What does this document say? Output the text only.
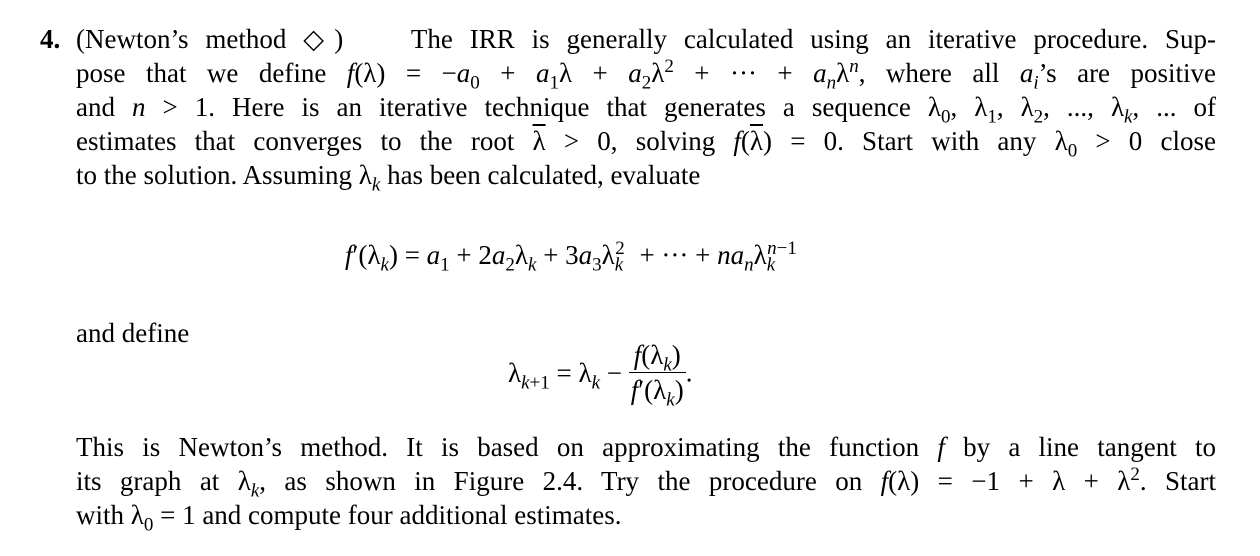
4. (Newton’s method ◇)	The IRR is generally calculated using an iterative procedure. Sup-
pose that we define $f(\lambda) = -a_0 + a_1\lambda + a_2\lambda^2$ + ··· + $a_n\lambda^n$, where all $a_i’s$ are positive
and n > 1. Here is an iterative technique that generates a sequence $\lambda_0$, $\lambda_1$, $\lambda_2$, ..., $\lambda_k$, ... of
estimates that converges to the root $\overline{\lambda} > 0$, solving $f(\overline{\lambda}) = 0$. Start with any $\lambda_0 > 0$ close
to the solution. Assuming $\lambda_k$ has been calculated, evaluate
$f'(\lambda_k) = a_1 + 2a_2\lambda_k + 3a_3\lambda_k^2$ + ··· + $na_n\lambda_k^{n-1}$
and define
$\lambda_{k+1} = \lambda_k - \frac{f(\lambda_k)}{f'(\lambda_k)}$ .
This is Newton’s method. It is based on approximating the function f by a line tangent to
its graph at $\lambda_k$, as shown in Figure 2.4. Try the procedure on $f(\lambda) = -1 + \lambda + \lambda^2$. Start
with $\lambda_0 = 1$ and compute four additional estimates.
